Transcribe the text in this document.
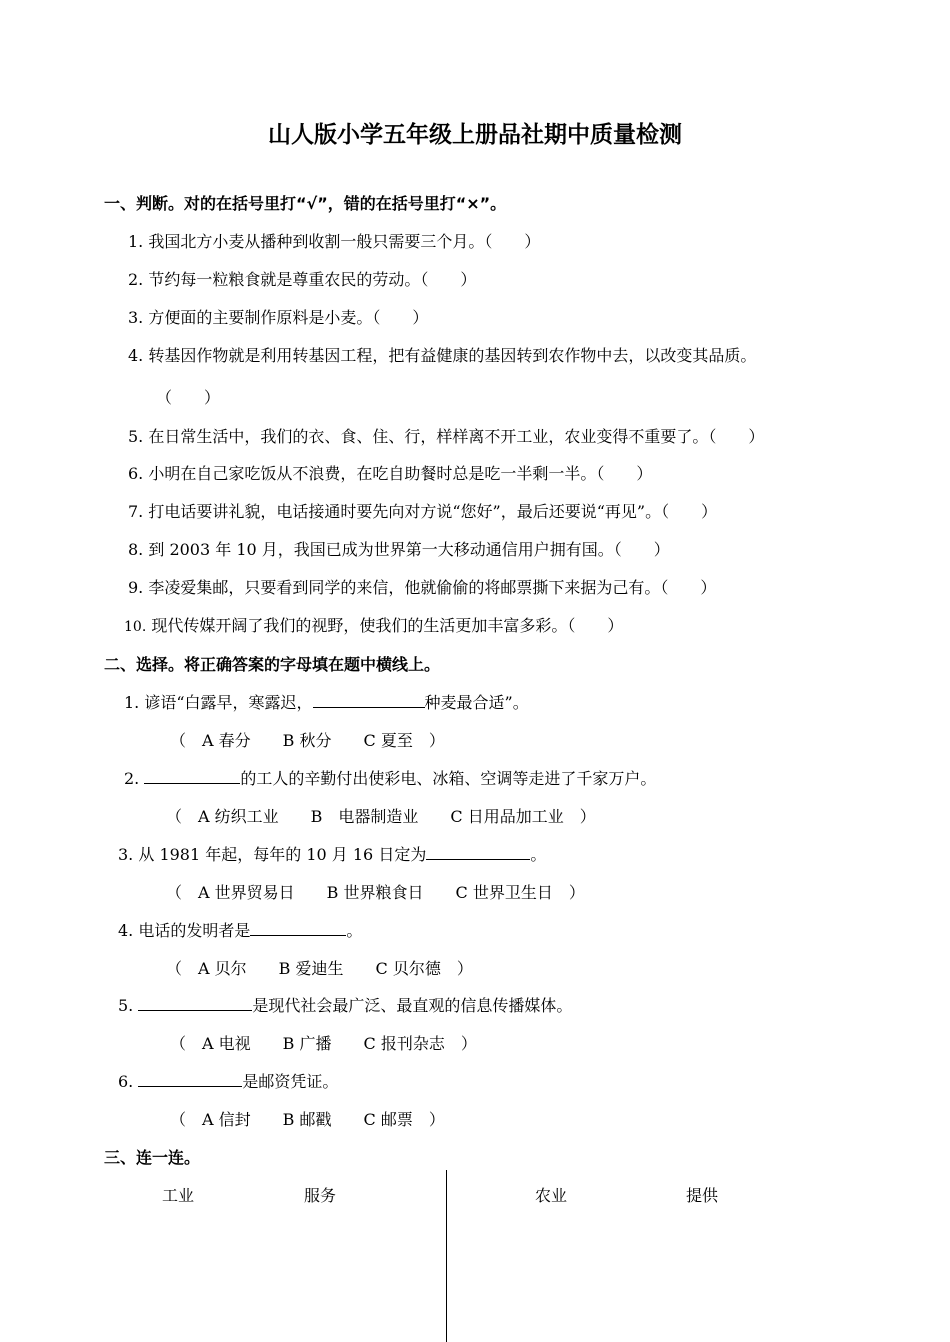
山人版小学五年级上册品社期中质量检测
一、判断。对的在括号里打“√”，错的在括号里打“×”。
1. 我国北方小麦从播种到收割一般只需要三个月。（　　）
2. 节约每一粒粮食就是尊重农民的劳动。（　　）
3. 方便面的主要制作原料是小麦。（　　）
4. 转基因作物就是利用转基因工程，把有益健康的基因转到农作物中去，以改变其品质。
（　　）
5. 在日常生活中，我们的衣、食、住、行，样样离不开工业，农业变得不重要了。（　　）
6. 小明在自己家吃饭从不浪费，在吃自助餐时总是吃一半剩一半。（　　）
7. 打电话要讲礼貌，电话接通时要先向对方说“您好”，最后还要说“再见”。（　　）
8. 到 2003 年 10 月，我国已成为世界第一大移动通信用户拥有国。（　　）
9. 李凌爱集邮，只要看到同学的来信，他就偷偷的将邮票撕下来据为己有。（　　）
10. 现代传媒开阔了我们的视野，使我们的生活更加丰富多彩。（　　）
二、选择。将正确答案的字母填在题中横线上。
1. 谚语“白露早，寒露迟，	种麦最合适”。
（　A 春分　　B 秋分　　C 夏至　）
2.	的工人的辛勤付出使彩电、冰箱、空调等走进了千家万户。
（　A 纺织工业　　B　电器制造业　　C 日用品加工业　）
3. 从 1981 年起，每年的 10 月 16 日定为	。
（　A 世界贸易日　　B 世界粮食日　　C 世界卫生日　）
4. 电话的发明者是	。
（　A 贝尔　　B 爱迪生　　C 贝尔德　）
5.	是现代社会最广泛、最直观的信息传播媒体。
（　A 电视　　B 广播　　C 报刊杂志　）
6.	是邮资凭证。
（　A 信封　　B 邮戳　　C 邮票　）
三、连一连。
工业	服务	农业	提供
